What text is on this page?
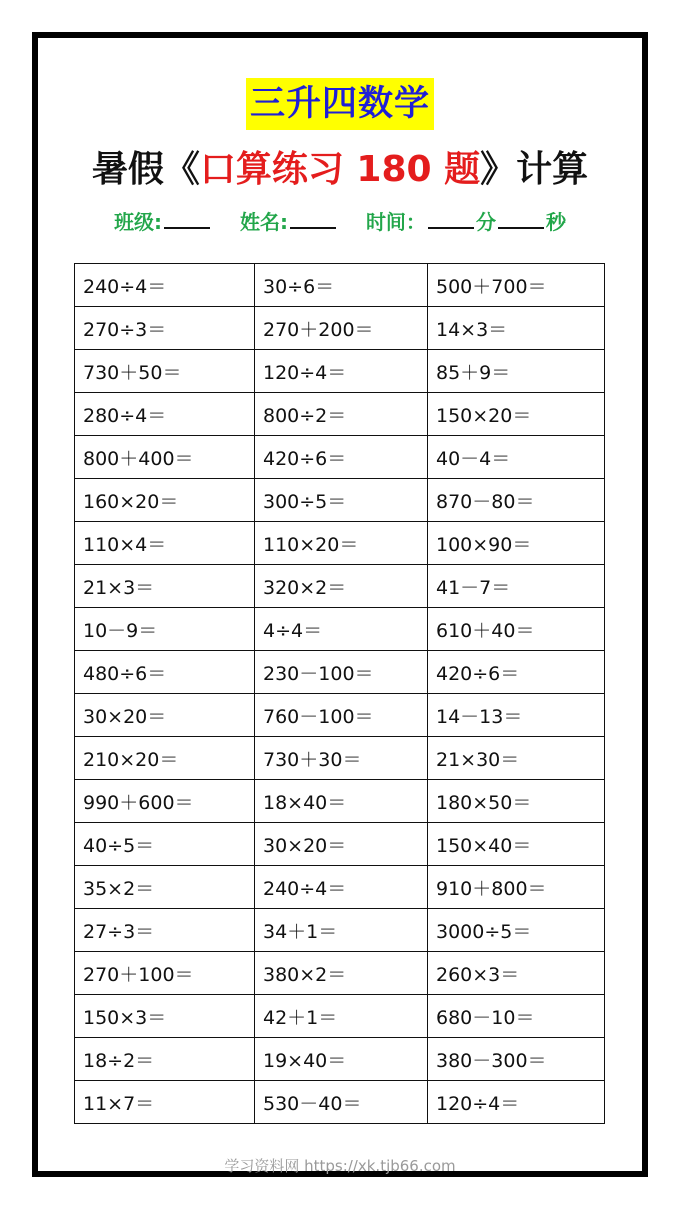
三升四数学
暑假《口算练习 180 题》计算
班级:	姓名:	时间：	分	秒
240÷4＝	30÷6＝	500＋700＝
270÷3＝	270＋200＝	14×3＝
730＋50＝	120÷4＝	85＋9＝
280÷4＝	800÷2＝	150×20＝
800＋400＝	420÷6＝	40－4＝
160×20＝	300÷5＝	870－80＝
110×4＝	110×20＝	100×90＝
21×3＝	320×2＝	41－7＝
10－9＝	4÷4＝	610＋40＝
480÷6＝	230－100＝	420÷6＝
30×20＝	760－100＝	14－13＝
210×20＝	730＋30＝	21×30＝
990＋600＝	18×40＝	180×50＝
40÷5＝	30×20＝	150×40＝
35×2＝	240÷4＝	910＋800＝
27÷3＝	34＋1＝	3000÷5＝
270＋100＝	380×2＝	260×3＝
150×3＝	42＋1＝	680－10＝
18÷2＝	19×40＝	380－300＝
11×7＝	530－40＝	120÷4＝
学习资料网 https://xk.tjb66.com
